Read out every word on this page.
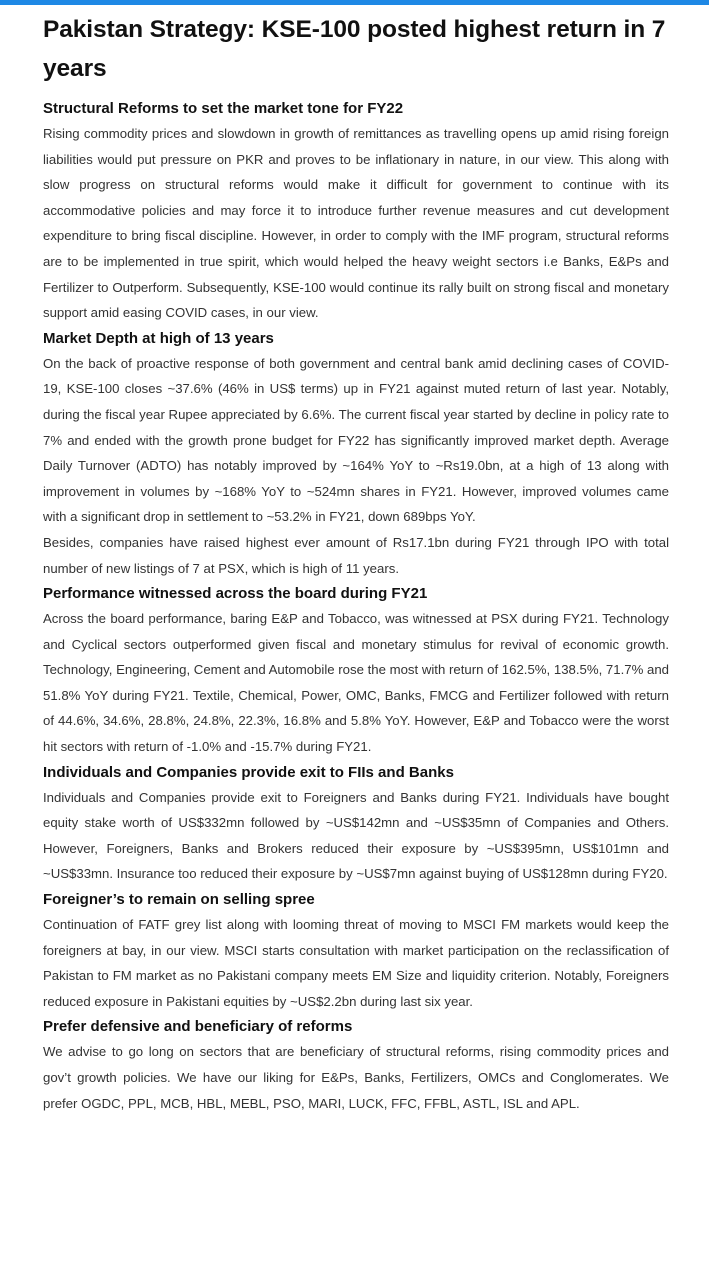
Pakistan Strategy: KSE-100 posted highest return in 7 years
Structural Reforms to set the market tone for FY22

Rising commodity prices and slowdown in growth of remittances as travelling opens up amid rising foreign liabilities would put pressure on PKR and proves to be inflationary in nature, in our view. This along with slow progress on structural reforms would make it difficult for government to continue with its accommodative policies and may force it to introduce further revenue measures and cut development expenditure to bring fiscal discipline. However, in order to comply with the IMF program, structural reforms are to be implemented in true spirit, which would helped the heavy weight sectors i.e Banks, E&Ps and Fertilizer to Outperform. Subsequently, KSE-100 would continue its rally built on strong fiscal and monetary support amid easing COVID cases, in our view.

Market Depth at high of 13 years

On the back of proactive response of both government and central bank amid declining cases of COVID-19, KSE-100 closes ~37.6% (46% in US$ terms) up in FY21 against muted return of last year. Notably, during the fiscal year Rupee appreciated by 6.6%. The current fiscal year started by decline in policy rate to 7% and ended with the growth prone budget for FY22 has significantly improved market depth. Average Daily Turnover (ADTO) has notably improved by ~164% YoY to ~Rs19.0bn, at a high of 13 along with improvement in volumes by ~168% YoY to ~524mn shares in FY21. However, improved volumes came with a significant drop in settlement to ~53.2% in FY21, down 689bps YoY.

Besides, companies have raised highest ever amount of Rs17.1bn during FY21 through IPO with total number of new listings of 7 at PSX, which is high of 11 years.

Performance witnessed across the board during FY21

Across the board performance, baring E&P and Tobacco, was witnessed at PSX during FY21. Technology and Cyclical sectors outperformed given fiscal and monetary stimulus for revival of economic growth. Technology, Engineering, Cement and Automobile rose the most with return of 162.5%, 138.5%, 71.7% and 51.8% YoY during FY21. Textile, Chemical, Power, OMC, Banks, FMCG and Fertilizer followed with return of 44.6%, 34.6%, 28.8%, 24.8%, 22.3%, 16.8% and 5.8% YoY. However, E&P and Tobacco were the worst hit sectors with return of -1.0% and -15.7% during FY21.

Individuals and Companies provide exit to FIIs and Banks

Individuals and Companies provide exit to Foreigners and Banks during FY21. Individuals have bought equity stake worth of US$332mn followed by ~US$142mn and ~US$35mn of Companies and Others. However, Foreigners, Banks and Brokers reduced their exposure by ~US$395mn, US$101mn and ~US$33mn. Insurance too reduced their exposure by ~US$7mn against buying of US$128mn during FY20.

Foreigner’s to remain on selling spree

Continuation of FATF grey list along with looming threat of moving to MSCI FM markets would keep the foreigners at bay, in our view. MSCI starts consultation with market participation on the reclassification of Pakistan to FM market as no Pakistani company meets EM Size and liquidity criterion. Notably, Foreigners reduced exposure in Pakistani equities by ~US$2.2bn during last six year.

Prefer defensive and beneficiary of reforms

We advise to go long on sectors that are beneficiary of structural reforms, rising commodity prices and gov’t growth policies. We have our liking for E&Ps, Banks, Fertilizers, OMCs and Conglomerates. We prefer OGDC, PPL, MCB, HBL, MEBL, PSO, MARI, LUCK, FFC, FFBL, ASTL, ISL and APL.
